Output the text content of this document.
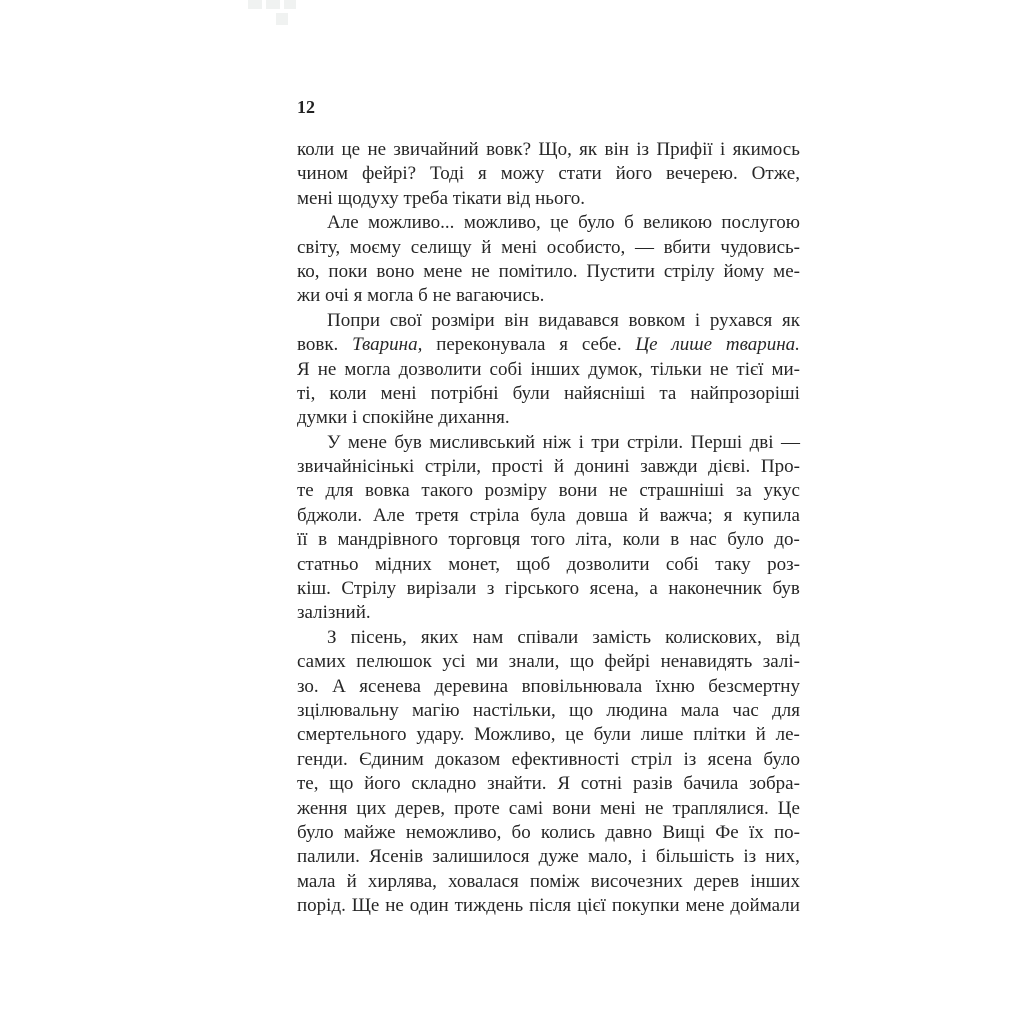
12
коли це не звичайний вовк? Що, як він із Прифії і якимось
чином фейрі? Тоді я можу стати його вечерею. Отже,
мені щодуху треба тікати від нього.
Але можливо... можливо, це було б великою послугою
світу, моєму селищу й мені особисто, — вбити чудовись-
ко, поки воно мене не помітило. Пустити стрілу йому ме-
жи очі я могла б не вагаючись.
Попри свої розміри він видавався вовком і рухався як
вовк. Тварина, переконувала я себе. Це лише тварина.
Я не могла дозволити собі інших думок, тільки не тієї ми-
ті, коли мені потрібні були найясніші та найпрозоріші
думки і спокійне дихання.
У мене був мисливський ніж і три стріли. Перші дві —
звичайнісінькі стріли, прості й донині завжди дієві. Про-
те для вовка такого розміру вони не страшніші за укус
бджоли. Але третя стріла була довша й важча; я купила
її в мандрівного торговця того літа, коли в нас було до-
статньо мідних монет, щоб дозволити собі таку роз-
кіш. Стрілу вирізали з гірського ясена, а наконечник був
залізний.
З пісень, яких нам співали замість колискових, від
самих пелюшок усі ми знали, що фейрі ненавидять залі-
зо. А ясенева деревина вповільнювала їхню безсмертну
зцілювальну магію настільки, що людина мала час для
смертельного удару. Можливо, це були лише плітки й ле-
генди. Єдиним доказом ефективності стріл із ясена було
те, що його складно знайти. Я сотні разів бачила зобра-
ження цих дерев, проте самі вони мені не траплялися. Це
було майже неможливо, бо колись давно Вищі Фе їх по-
палили. Ясенів залишилося дуже мало, і більшість із них,
мала й хирлява, ховалася поміж височезних дерев інших
порід. Ще не один тиждень після цієї покупки мене доймали
